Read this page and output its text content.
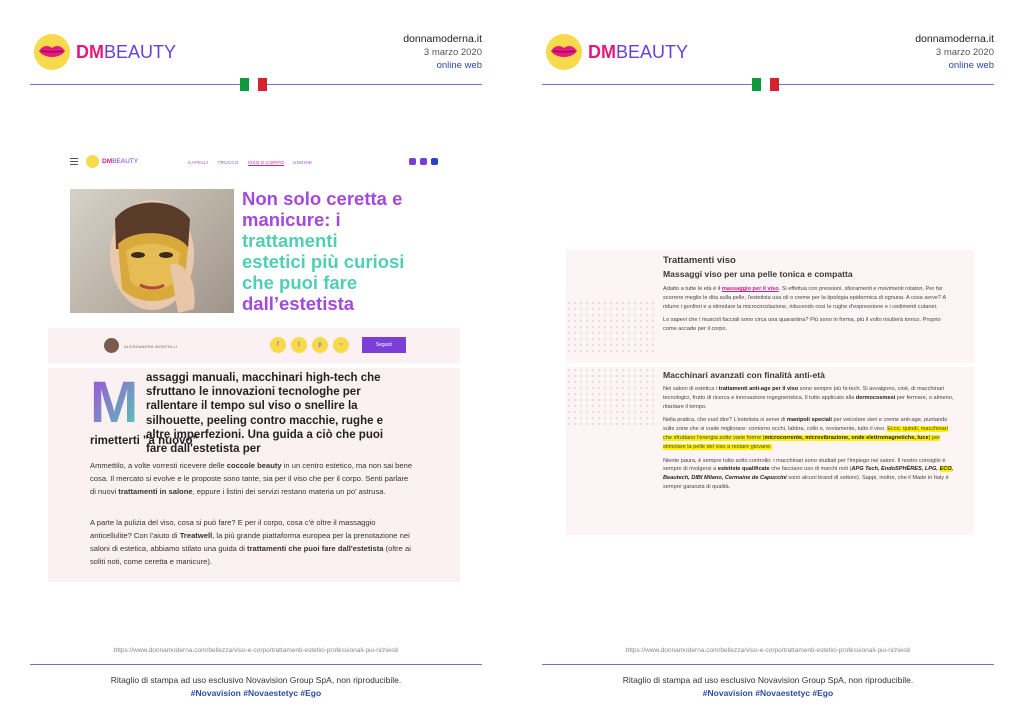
DMBEAUTY
donnamoderna.it
3 marzo 2020
online web
DMBEAUTY	CAPELLI TRUCCO VISO E CORPO UNGHIE
Non solo ceretta e
manicure: i
trattamenti
estetici più curiosi
che puoi fare
dall’estetista
ALESSANDRA MONTELLI	f	t	p	~	Seguici
M assaggi manuali, macchinari high-tech che sfruttano le innovazioni tecnologhe per rallentare il tempo sul viso o snellire la silhouette, peeling contro macchie, rughe e altre imperfezioni. Una guida a ciò che puoi fare dall'estetista per
rimetterti "a nuovo"
Ammettilo, a volte vorresti ricevere delle coccole beauty in un centro estetico, ma non sai bene cosa. Il mercato si evolve e le proposte sono tante, sia per il viso che per il corpo. Senti parlare di nuovi trattamenti in salone, eppure i listini dei servizi restano materia un po' astrusa.
A parte la pulizia del viso, cosa si può fare? E per il corpo, cosa c'è oltre il massaggio anticellulite? Con l'aiuto di Treatwell, la più grande piattaforma europea per la prenotazione nei saloni di estetica, abbiamo stilato una guida di trattamenti che puoi fare dall'estetista (oltre ai soliti noti, come ceretta e manicure).
https://www.donnamoderna.com/bellezza/viso-e-corpo/trattamenti-estetici-professionali-piu-richiesti
Ritaglio di stampa ad uso esclusivo Novavision Group SpA, non riproducibile.
#Novavision #Novaestetyc #Ego
DMBEAUTY
donnamoderna.it
3 marzo 2020
online web
Trattamenti viso
Massaggi viso per una pelle tonica e compatta
Adatto a tutte le età è il massaggio per il viso. Si effettua con pressioni, sfioramenti e movimenti rotatori. Per far scorrere meglio le dita sulla pelle, l'estetista usa oli o creme per la tipologia epidermica di ognuna. A cosa serve? A ridurre i gonfiori e a stimolare la microcircolazione, riducendo così le rughe d'espressione e i cedimenti cutanei.
Lo sapevi che i muscoli facciali sono circa una quarantina? Più sono in forma, più il volto risulterà tonico. Proprio come accade per il corpo.
Macchinari avanzati con finalità anti-età
Nei saloni di estetica i trattamenti anti-age per il viso sono sempre più hi-tech. Si avvalgono, cioè, di macchinari tecnologici, frutto di ricerca e innovazione ingegneristica. Il tutto applicato alla dermocosmesi per fermare, o almeno, ritardare il tempo.
Nella pratica, che vuol dire? L'estetista si serve di manipoli speciali per veicolare sieri e creme anti-age, puntando sulle zone che si vuole migliorare: contorno occhi, labbra, collo e, ovviamente, tutto il viso. Ecco, quindi, macchinari che sfruttano l'energia sotto varie forme (microcorrente, microvibrazione, onde elettromagnetiche, luce) per stimolare la pelle del viso a restare giovane.
Niente paura, è sempre tutto sotto controllo: i macchinari sono studiati per l'impiego nei saloni. Il nostro consiglio è sempre di rivolgersi a estetiste qualificate che facciano uso di marchi noti (APG Tech, EndoSPHÈRES, LPG, ECO, Beautech, DIBI Milano, Cermaine de Capuccini sono alcuni brand di settore). Sappi, inoltre, che il Made in Italy è sempre garanzia di qualità.
https://www.donnamoderna.com/bellezza/viso-e-corpo/trattamenti-estetici-professionali-piu-richiesti
Ritaglio di stampa ad uso esclusivo Novavision Group SpA, non riproducibile.
#Novavision #Novaestetyc #Ego
